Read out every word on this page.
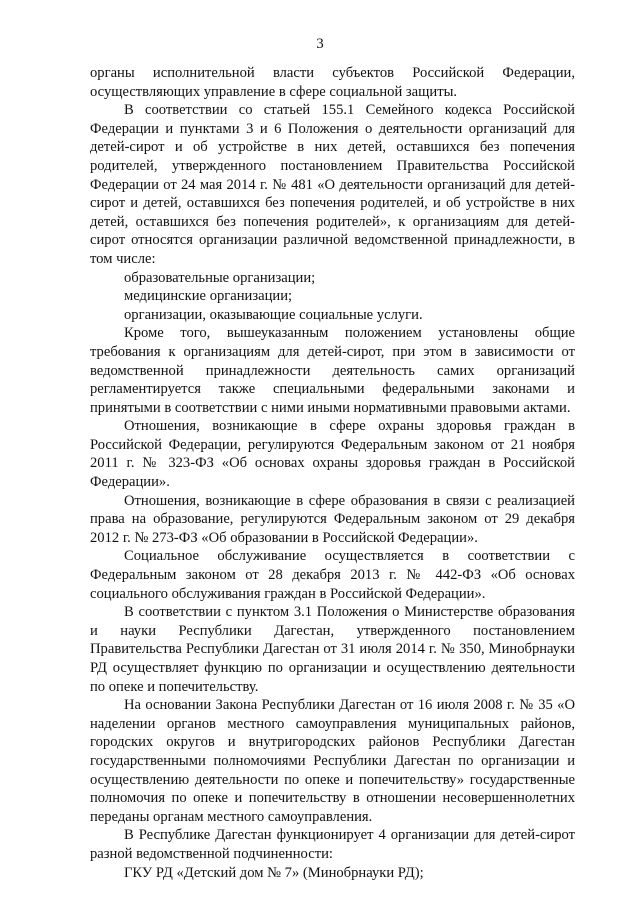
3

органы исполнительной власти субъектов Российской Федерации, осуществляющих управление в сфере социальной защиты.

В соответствии со статьей 155.1 Семейного кодекса Российской Федерации и пунктами 3 и 6 Положения о деятельности организаций для детей-сирот и об устройстве в них детей, оставшихся без попечения родителей, утвержденного постановлением Правительства Российской Федерации от 24 мая 2014 г. № 481 «О деятельности организаций для детей-сирот и детей, оставшихся без попечения родителей, и об устройстве в них детей, оставшихся без попечения родителей», к организациям для детей-сирот относятся организации различной ведомственной принадлежности, в том числе:

образовательные организации;

медицинские организации;

организации, оказывающие социальные услуги.

Кроме того, вышеуказанным положением установлены общие требования к организациям для детей-сирот, при этом в зависимости от ведомственной принадлежности деятельность самих организаций регламентируется также специальными федеральными законами и принятыми в соответствии с ними иными нормативными правовыми актами.

Отношения, возникающие в сфере охраны здоровья граждан в Российской Федерации, регулируются Федеральным законом от 21 ноября 2011 г. № 323-ФЗ «Об основах охраны здоровья граждан в Российской Федерации».

Отношения, возникающие в сфере образования в связи с реализацией права на образование, регулируются Федеральным законом от 29 декабря 2012 г. № 273-ФЗ «Об образовании в Российской Федерации».

Социальное обслуживание осуществляется в соответствии с Федеральным законом от 28 декабря 2013 г. № 442-ФЗ «Об основах социального обслуживания граждан в Российской Федерации».

В соответствии с пунктом 3.1 Положения о Министерстве образования и науки Республики Дагестан, утвержденного постановлением Правительства Республики Дагестан от 31 июля 2014 г. № 350, Минобрнауки РД осуществляет функцию по организации и осуществлению деятельности по опеке и попечительству.

На основании Закона Республики Дагестан от 16 июля 2008 г. № 35 «О наделении органов местного самоуправления муниципальных районов, городских округов и внутригородских районов Республики Дагестан государственными полномочиями Республики Дагестан по организации и осуществлению деятельности по опеке и попечительству» государственные полномочия по опеке и попечительству в отношении несовершеннолетних переданы органам местного самоуправления.

В Республике Дагестан функционирует 4 организации для детей-сирот разной ведомственной подчиненности:

ГКУ РД «Детский дом № 7» (Минобрнауки РД);
